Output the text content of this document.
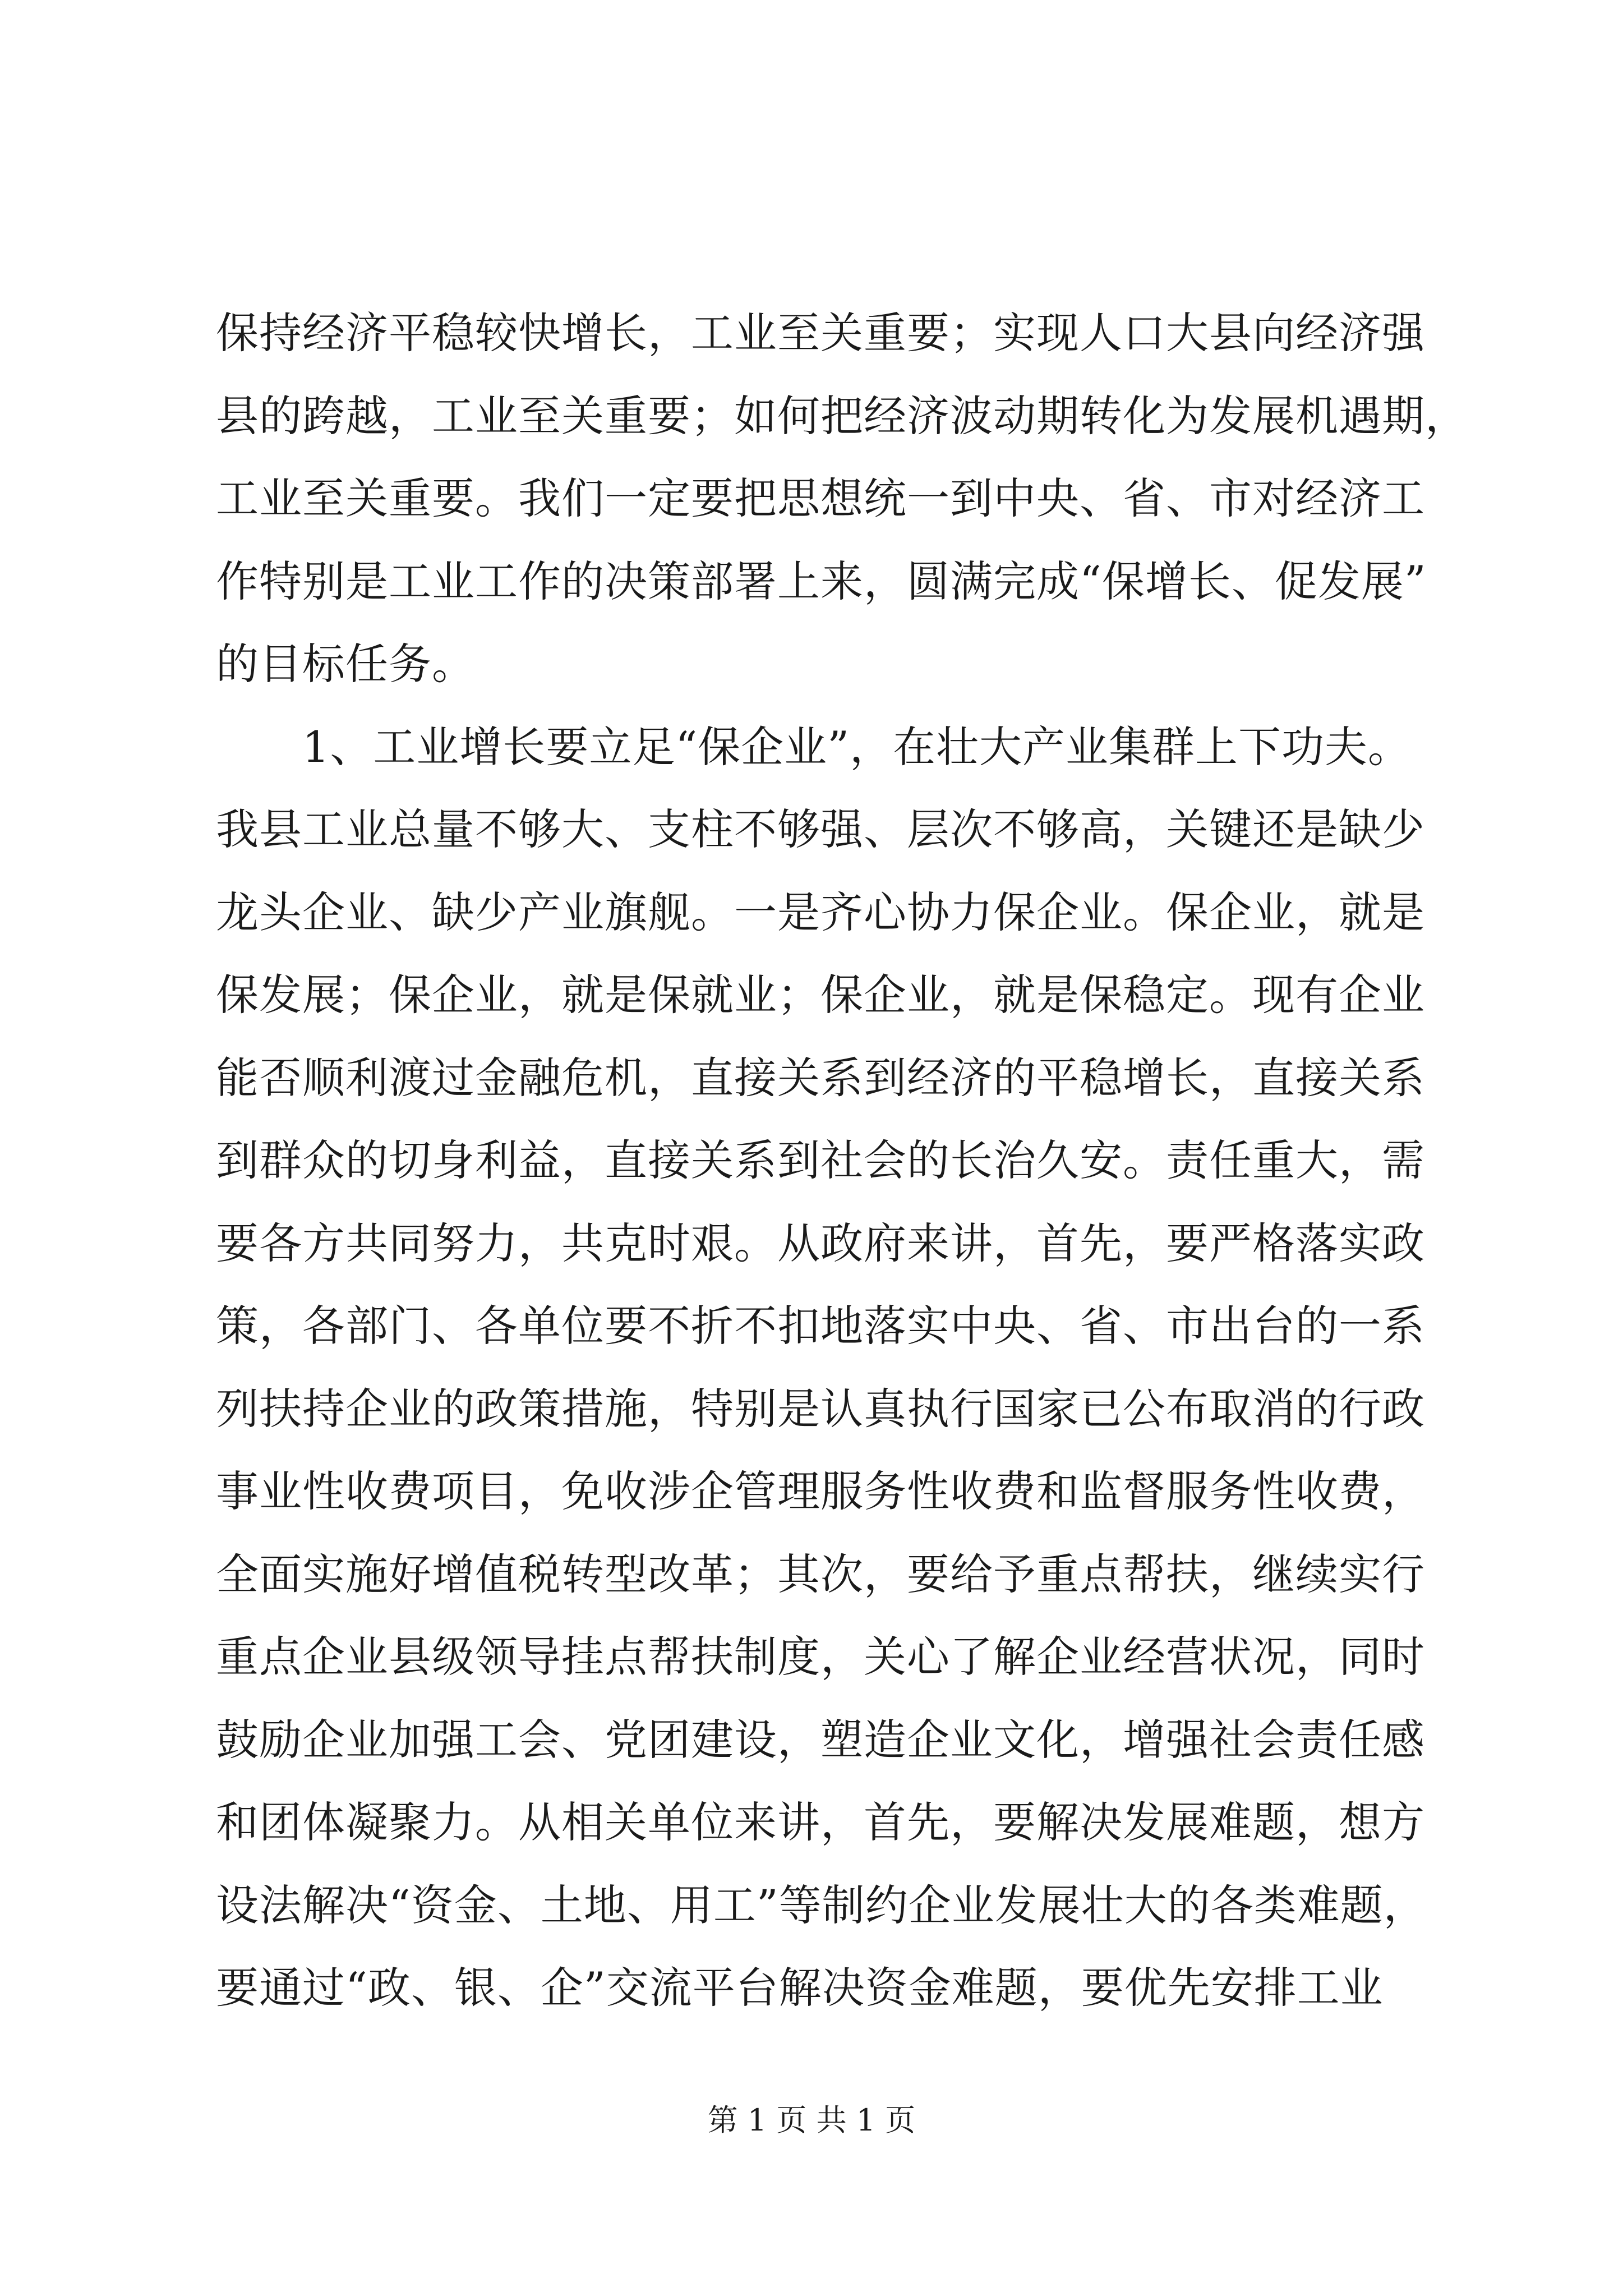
保持经济平稳较快增长，工业至关重要；实现人口大县向经济强
县的跨越，工业至关重要；如何把经济波动期转化为发展机遇期，
工业至关重要。我们一定要把思想统一到中央、省、市对经济工
作特别是工业工作的决策部署上来，圆满完成“保增长、促发展”
的目标任务。
　　1、工业增长要立足“保企业”，在壮大产业集群上下功夫。
我县工业总量不够大、支柱不够强、层次不够高，关键还是缺少
龙头企业、缺少产业旗舰。一是齐心协力保企业。保企业，就是
保发展；保企业，就是保就业；保企业，就是保稳定。现有企业
能否顺利渡过金融危机，直接关系到经济的平稳增长，直接关系
到群众的切身利益，直接关系到社会的长治久安。责任重大，需
要各方共同努力，共克时艰。从政府来讲，首先，要严格落实政
策，各部门、各单位要不折不扣地落实中央、省、市出台的一系
列扶持企业的政策措施，特别是认真执行国家已公布取消的行政
事业性收费项目，免收涉企管理服务性收费和监督服务性收费，
全面实施好增值税转型改革；其次，要给予重点帮扶，继续实行
重点企业县级领导挂点帮扶制度，关心了解企业经营状况，同时
鼓励企业加强工会、党团建设，塑造企业文化，增强社会责任感
和团体凝聚力。从相关单位来讲，首先，要解决发展难题，想方
设法解决“资金、土地、用工”等制约企业发展壮大的各类难题，
要通过“政、银、企”交流平台解决资金难题，要优先安排工业
第 1 页 共 1 页
